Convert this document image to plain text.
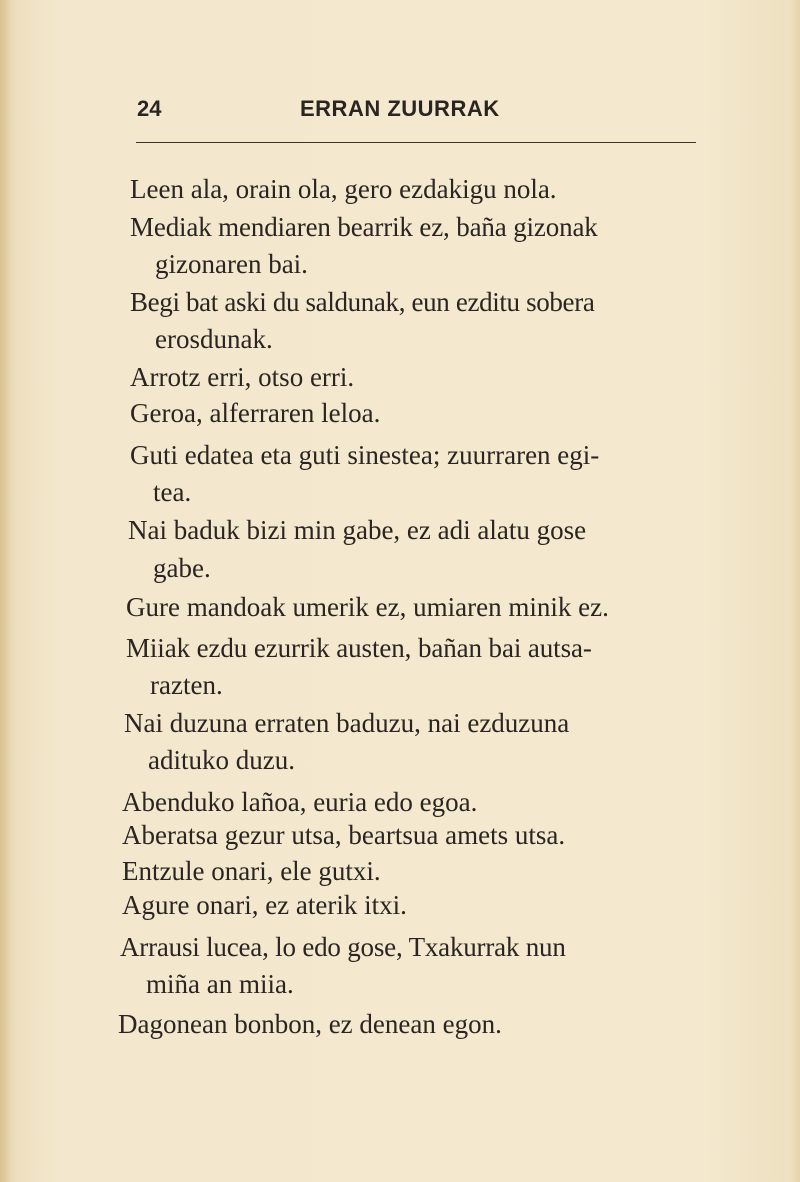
24	ERRAN ZUURRAK
Leen ala, orain ola, gero ezdakigu nola.
Mediak mendiaren bearrik ez, baña gizonak
gizonaren bai.
Begi bat aski du saldunak, eun ezditu sobera
erosdunak.
Arrotz erri, otso erri.
Geroa, alferraren leloa.
Guti edatea eta guti sinestea; zuurraren egi-
tea.
Nai baduk bizi min gabe, ez adi alatu gose
gabe.
Gure mandoak umerik ez, umiaren minik ez.
Miiak ezdu ezurrik austen, bañan bai autsa-
razten.
Nai duzuna erraten baduzu, nai ezduzuna
adituko duzu.
Abenduko lañoa, euria edo egoa.
Aberatsa gezur utsa, beartsua amets utsa.
Entzule onari, ele gutxi.
Agure onari, ez aterik itxi.
Arrausi lucea, lo edo gose, Txakurrak nun
miña an miia.
Dagonean bonbon, ez denean egon.
